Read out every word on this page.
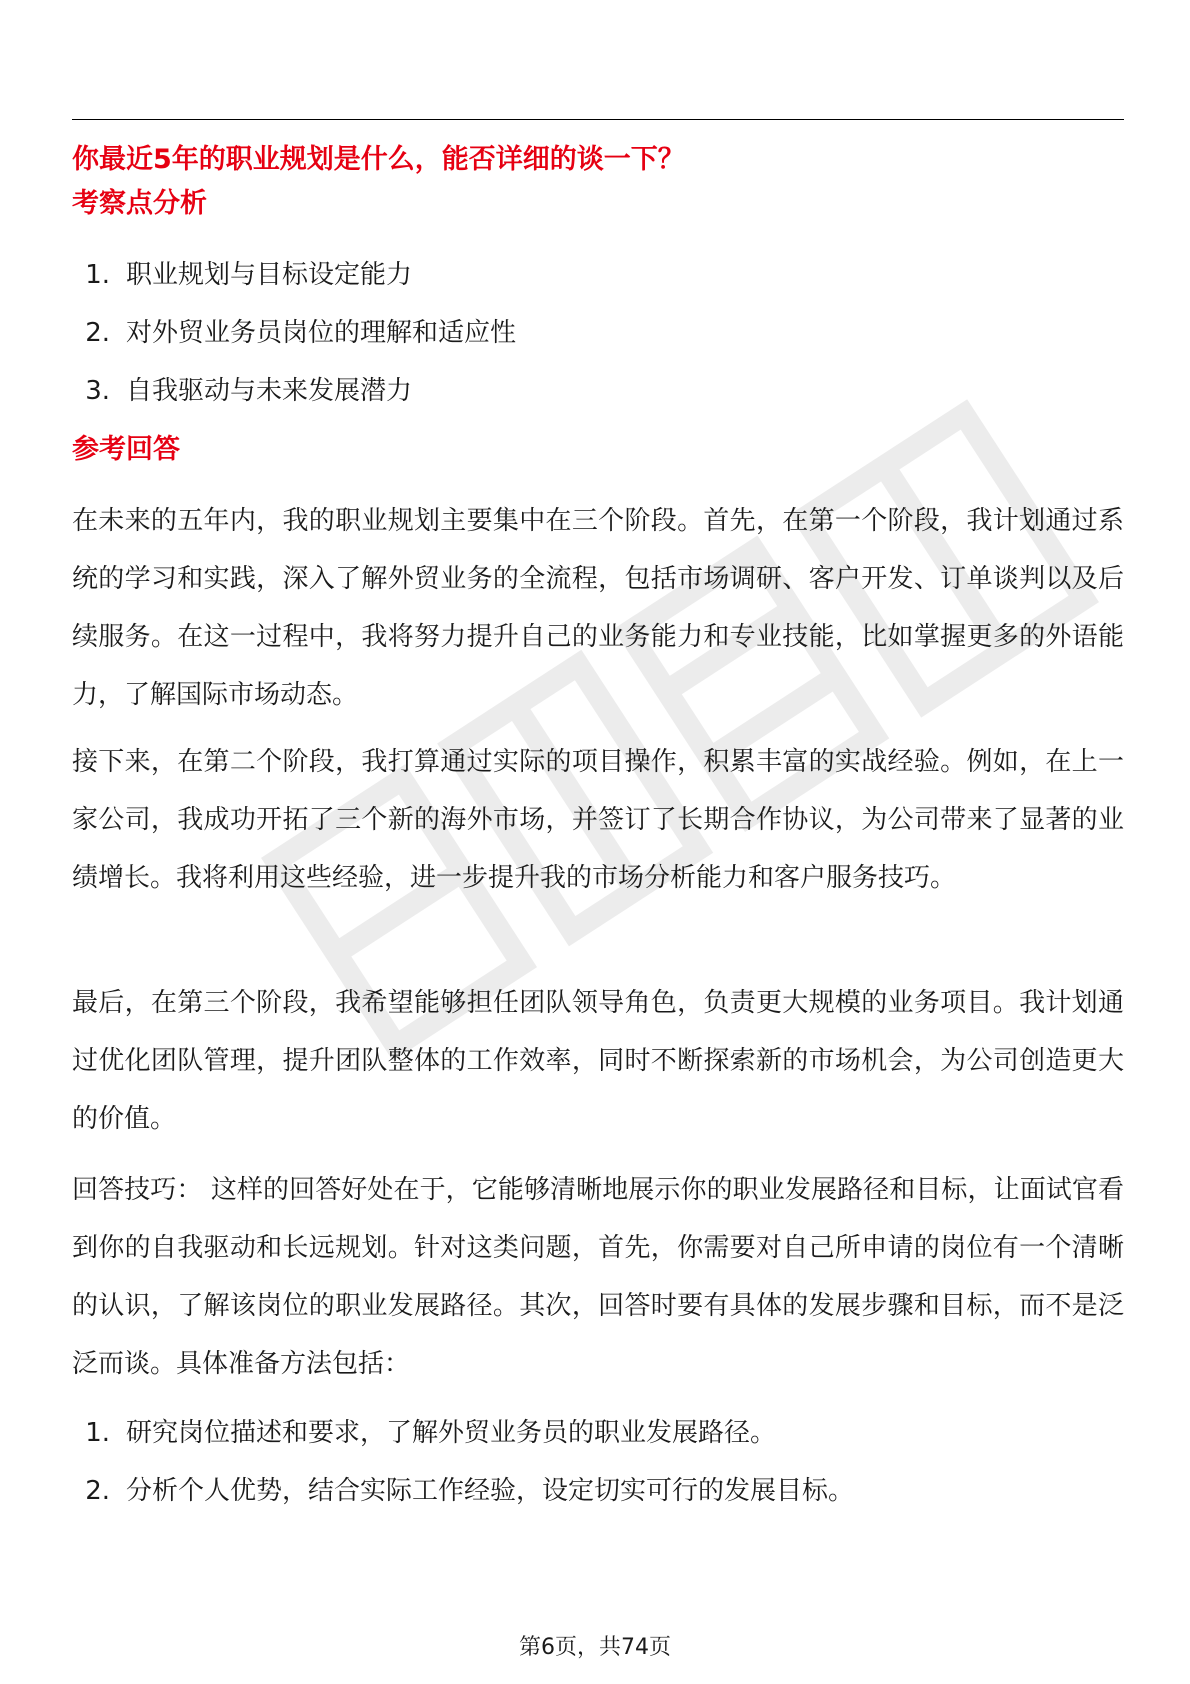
你最近5年的职业规划是什么，能否详细的谈一下？
考察点分析
1. 职业规划与目标设定能力
2. 对外贸业务员岗位的理解和适应性
3. 自我驱动与未来发展潜力
参考回答

在未来的五年内，我的职业规划主要集中在三个阶段。首先，在第一个阶段，我计划通过系统的学习和实践，深入了解外贸业务的全流程，包括市场调研、客户开发、订单谈判以及后续服务。在这一过程中，我将努力提升自己的业务能力和专业技能，比如掌握更多的外语能力，了解国际市场动态。

接下来，在第二个阶段，我打算通过实际的项目操作，积累丰富的实战经验。例如，在上一家公司，我成功开拓了三个新的海外市场，并签订了长期合作协议，为公司带来了显著的业绩增长。我将利用这些经验，进一步提升我的市场分析能力和客户服务技巧。

最后，在第三个阶段，我希望能够担任团队领导角色，负责更大规模的业务项目。我计划通过优化团队管理，提升团队整体的工作效率，同时不断探索新的市场机会，为公司创造更大的价值。

回答技巧： 这样的回答好处在于，它能够清晰地展示你的职业发展路径和目标，让面试官看到你的自我驱动和长远规划。针对这类问题，首先，你需要对自己所申请的岗位有一个清晰的认识，了解该岗位的职业发展路径。其次，回答时要有具体的发展步骤和目标，而不是泛泛而谈。具体准备方法包括：

1. 研究岗位描述和要求，了解外贸业务员的职业发展路径。
2. 分析个人优势，结合实际工作经验，设定切实可行的发展目标。
第6页，共74页
